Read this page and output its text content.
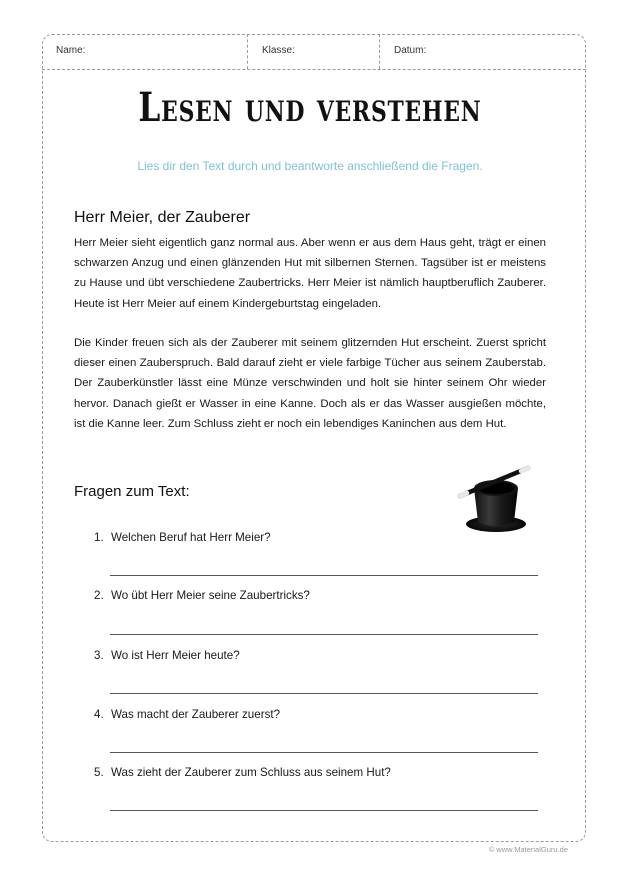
Name:	Klasse:	Datum:
Lesen und verstehen
Lies dir den Text durch und beantworte anschließend die Fragen.
Herr Meier, der Zauberer
Herr Meier sieht eigentlich ganz normal aus. Aber wenn er aus dem Haus geht, trägt er einen schwarzen Anzug und einen glänzenden Hut mit silbernen Sternen. Tagsüber ist er meistens zu Hause und übt verschiedene Zaubertricks. Herr Meier ist nämlich hauptberuflich Zauberer. Heute ist Herr Meier auf einem Kindergeburtstag eingeladen.
Die Kinder freuen sich als der Zauberer mit seinem glitzernden Hut erscheint. Zuerst spricht dieser einen Zauberspruch. Bald darauf zieht er viele farbige Tücher aus seinem Zauberstab. Der Zauberkünstler lässt eine Münze verschwinden und holt sie hinter seinem Ohr wieder hervor. Danach gießt er Wasser in eine Kanne. Doch als er das Wasser ausgießen möchte, ist die Kanne leer. Zum Schluss zieht er noch ein lebendiges Kaninchen aus dem Hut.
Fragen zum Text:
1. Welchen Beruf hat Herr Meier?
2. Wo übt Herr Meier seine Zaubertricks?
3. Wo ist Herr Meier heute?
4. Was macht der Zauberer zuerst?
5. Was zieht der Zauberer zum Schluss aus seinem Hut?
© www.MaterialGuru.de
